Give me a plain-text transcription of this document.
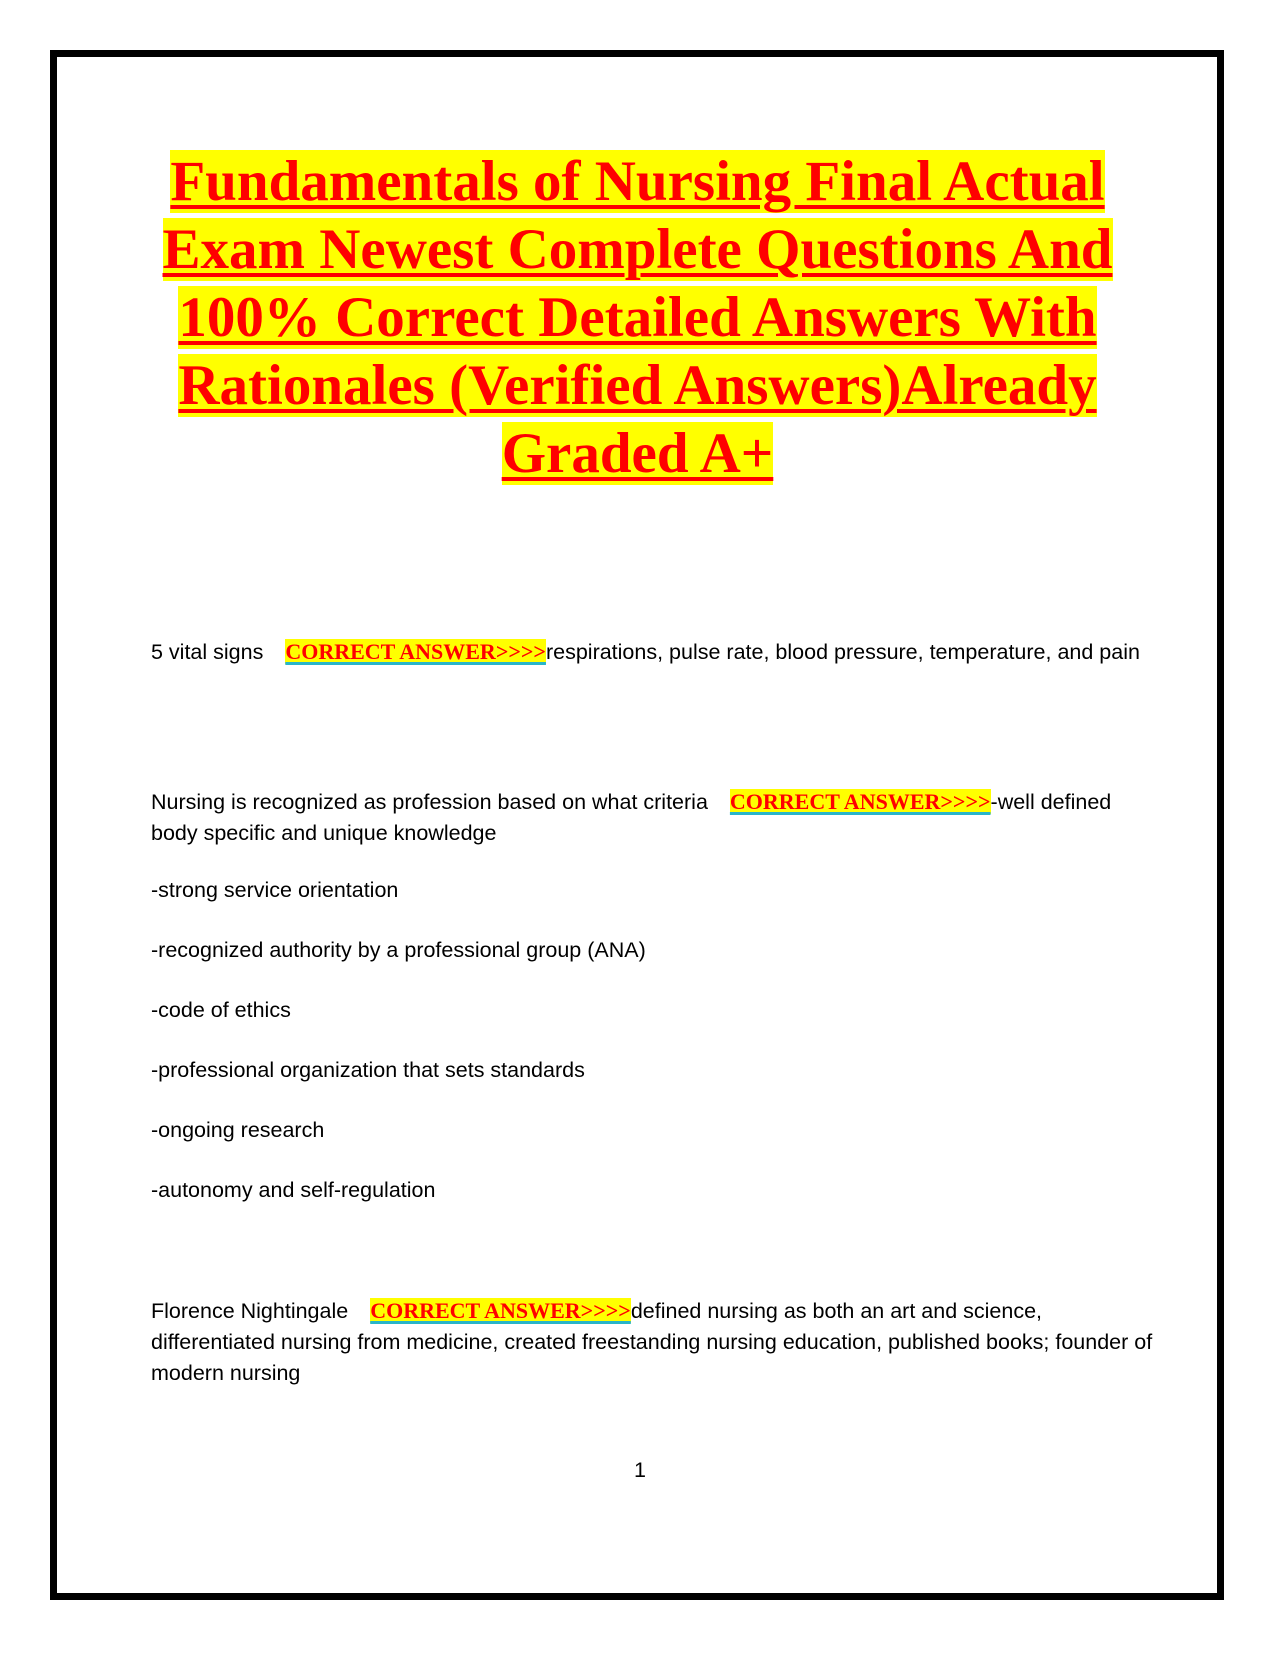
Fundamentals of Nursing Final Actual Exam Newest Complete Questions And 100% Correct Detailed Answers With Rationales (Verified Answers)Already Graded A+

5 vital signs CORRECT ANSWER>>>>respirations, pulse rate, blood pressure, temperature, and pain

Nursing is recognized as profession based on what criteria CORRECT ANSWER>>>>-well defined body specific and unique knowledge

-strong service orientation

-recognized authority by a professional group (ANA)

-code of ethics

-professional organization that sets standards

-ongoing research

-autonomy and self-regulation

Florence Nightingale CORRECT ANSWER>>>>defined nursing as both an art and science, differentiated nursing from medicine, created freestanding nursing education, published books; founder of modern nursing

1
